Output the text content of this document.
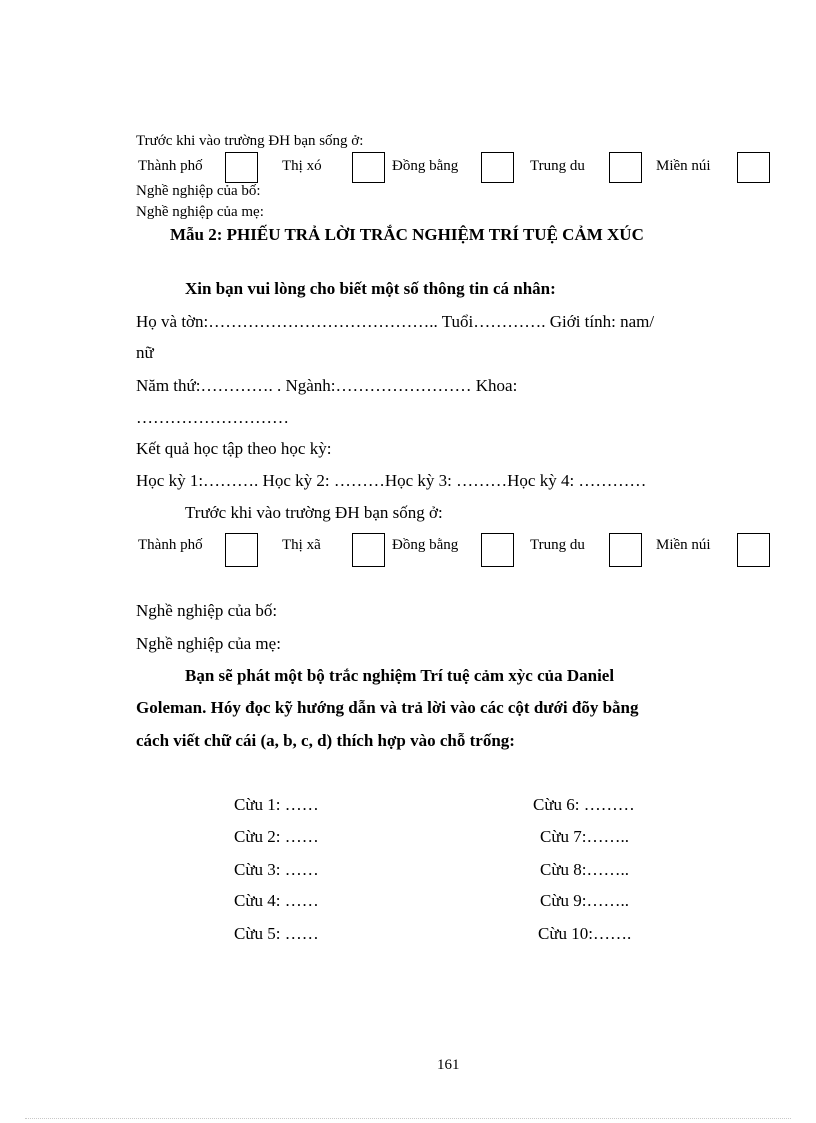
Trước khi vào trường ĐH bạn sống ở:
Thành phố	Thị xó	Đồng bằng	Trung du	Miền núi
Nghề nghiệp của bố:
Nghề nghiệp của mẹ:
Mẫu 2: PHIẾU TRẢ LỜI TRẮC NGHIỆM TRÍ TUỆ CẢM XÚC
Xin bạn vui lòng cho biết một số thông tin cá nhân:
Họ và tờn:………………………………….. Tuổi…………. Giới tính: nam/
nữ
Năm thứ:…………. . Ngành:…………………… Khoa:
………………………
Kết quả học tập theo học kỳ:
Học kỳ 1:………. Học kỳ 2: ………Học kỳ 3: ………Học kỳ 4: …………
Trước khi vào trường ĐH bạn sống ở:
Thành phố	Thị xã	Đồng bằng	Trung du	Miền núi
Nghề nghiệp của bố:
Nghề nghiệp của mẹ:
Bạn sẽ phát một bộ trắc nghiệm Trí tuệ cảm xỳc của Daniel
Goleman. Hóy đọc kỹ hướng dẫn và trả lời vào các cột dưới đõy bằng
cách viết chữ cái (a, b, c, d) thích hợp vào chỗ trống:
Cừu 1: ……
Cừu 2: ……
Cừu 3: ……
Cừu 4: ……
Cừu 5: ……
Cừu 6: ………
Cừu 7:……..
Cừu 8:……..
Cừu 9:……..
Cừu 10:…….
161
